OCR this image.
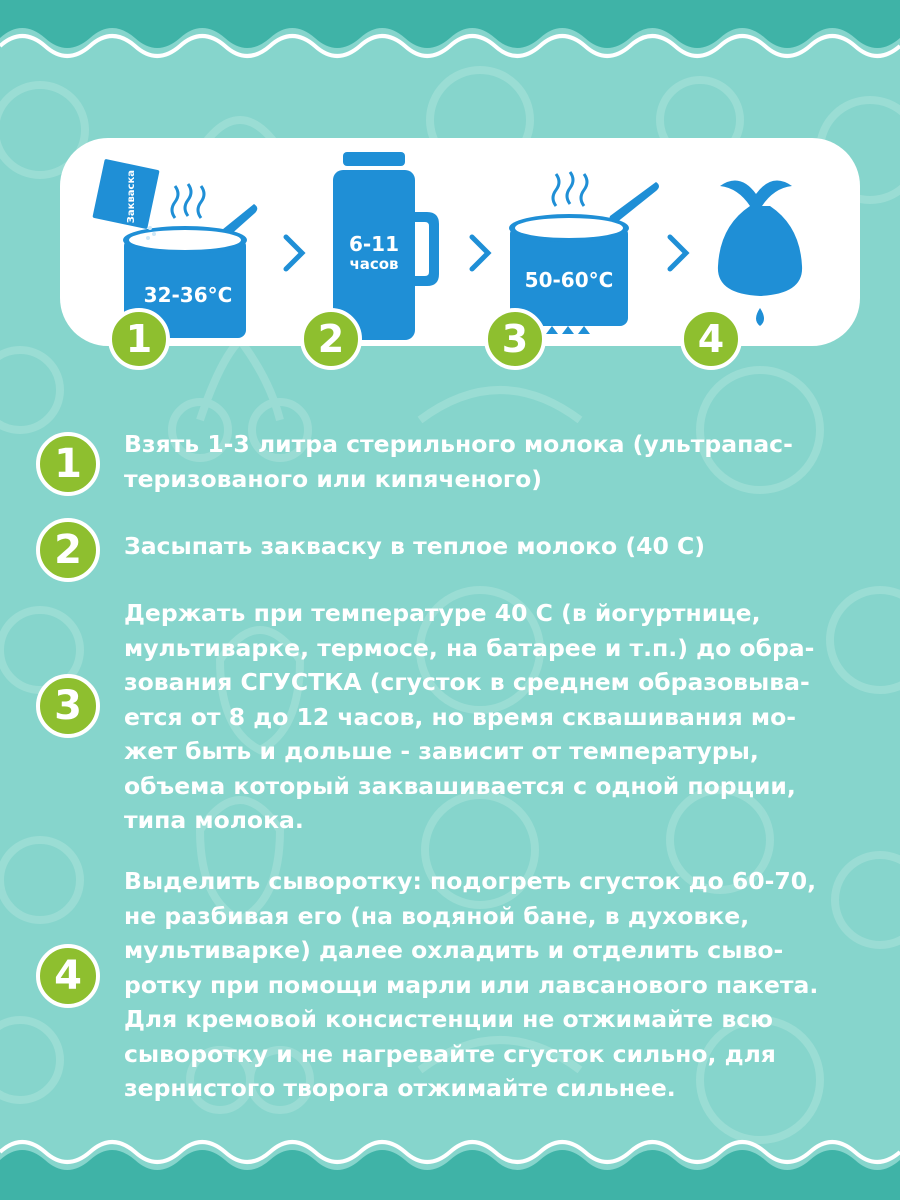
Закваска
32-36°C
1
6-11
часов
2
50-60°C
3	4
1	Взять 1-3 литра стерильного молока (ультрапас-
теризованого или кипяченого)
2	Засыпать закваску в теплое молоко (40 С)
3
Держать при температуре 40 С (в йогуртнице,
мультиварке, термосе, на батарее и т.п.) до обра-
зования СГУСТКА (сгусток в среднем образовыва-
ется от 8 до 12 часов, но время сквашивания мо-
жет быть и дольше - зависит от температуры,
объема который заквашивается с одной порции,
типа молока.
4
Выделить сыворотку: подогреть сгусток до 60-70,
не разбивая его (на водяной бане, в духовке,
мультиварке) далее охладить и отделить сыво-
ротку при помощи марли или лавсанового пакета.
Для кремовой консистенции не отжимайте всю
сыворотку и не нагревайте сгусток сильно, для
зернистого творога отжимайте сильнее.
